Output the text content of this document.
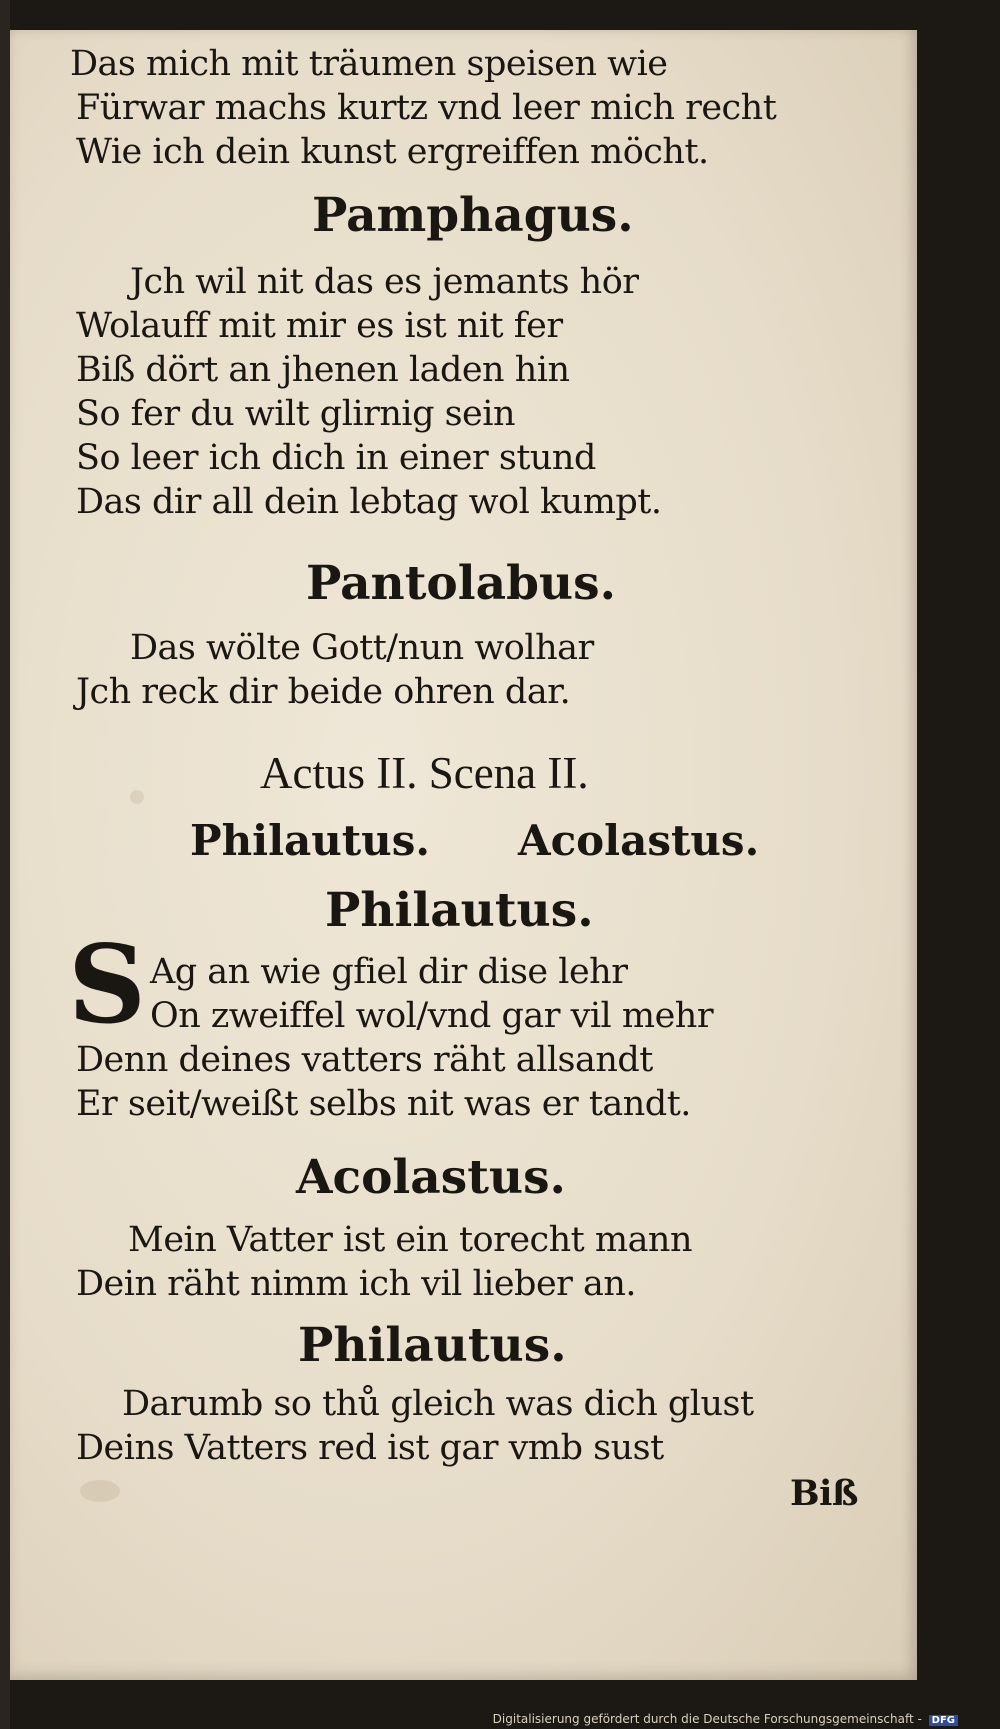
Das mich mit träumen speisen wie
Fürwar machs kurtz vnd leer mich recht
Wie ich dein kunst ergreiffen möcht.
Pamphagus.
Jch wil nit das es jemants hör
Wolauff mit mir es ist nit fer
Biß dört an jhenen laden hin
So fer du wilt glirnig sein
So leer ich dich in einer stund
Das dir all dein lebtag wol kumpt.
Pantolabus.
Das wölte Gott/nun wolhar
Jch reck dir beide ohren dar.
Actus II. Scena II.
Philautus. Acolastus.
Philautus.
S Ag an wie gfiel dir dise lehr
On zweiffel wol/vnd gar vil mehr
Denn deines vatters räht allsandt
Er seit/weißt selbs nit was er tandt.
Acolastus.
Mein Vatter ist ein torecht mann
Dein räht nimm ich vil lieber an.
Philautus.
Darumb so thů gleich was dich glust
Deins Vatters red ist gar vmb sust
Biß
Digitalisierung gefördert durch die Deutsche Forschungsgemeinschaft - DFG
